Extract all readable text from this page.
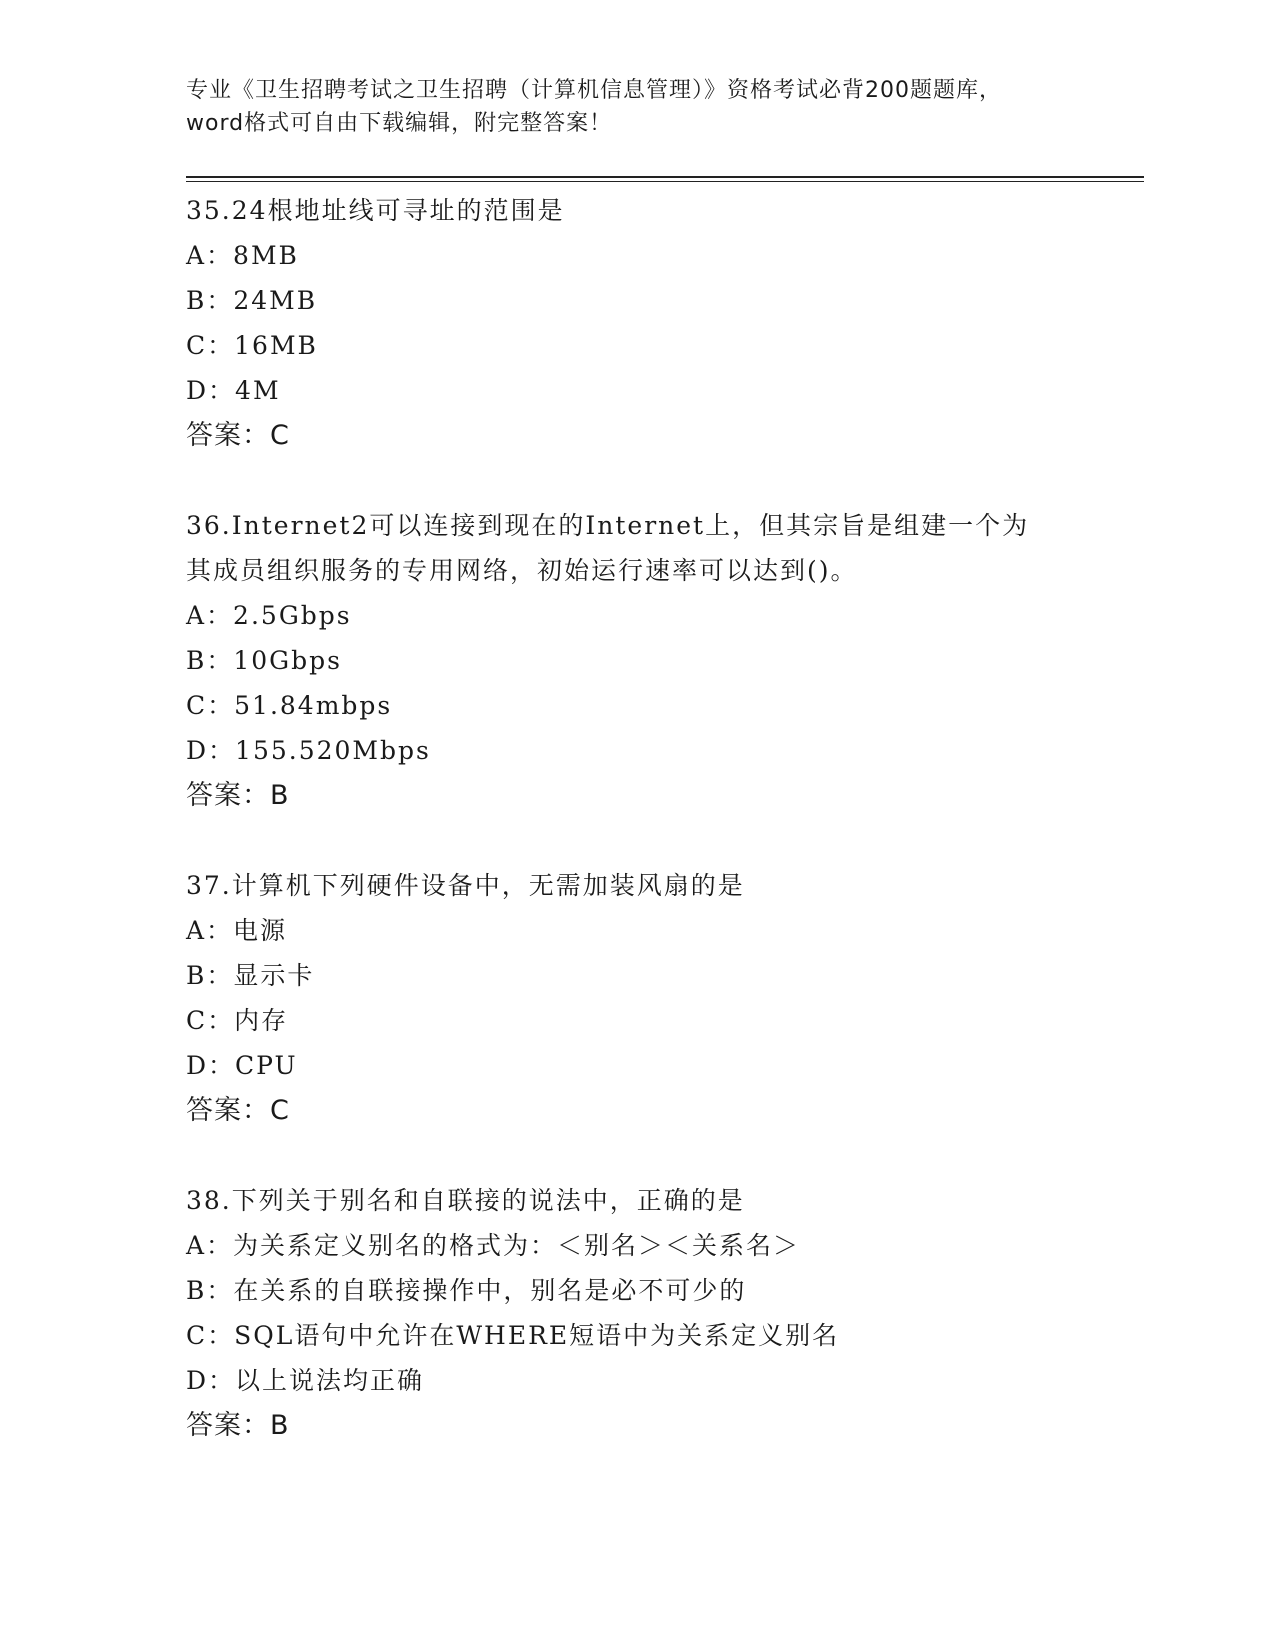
专业《卫生招聘考试之卫生招聘（计算机信息管理）》资格考试必背200题题库，
word格式可自由下载编辑，附完整答案！
35.24根地址线可寻址的范围是
A：8MB
B：24MB
C：16MB
D：4M
答案：C
36.Internet2可以连接到现在的Internet上，但其宗旨是组建一个为
其成员组织服务的专用网络，初始运行速率可以达到()。
A：2.5Gbps
B：10Gbps
C：51.84mbps
D：155.520Mbps
答案：B
37.计算机下列硬件设备中，无需加装风扇的是
A：电源
B：显示卡
C：内存
D：CPU
答案：C
38.下列关于别名和自联接的说法中，正确的是
A：为关系定义别名的格式为：＜别名＞＜关系名＞
B：在关系的自联接操作中，别名是必不可少的
C：SQL语句中允许在WHERE短语中为关系定义别名
D：以上说法均正确
答案：B
